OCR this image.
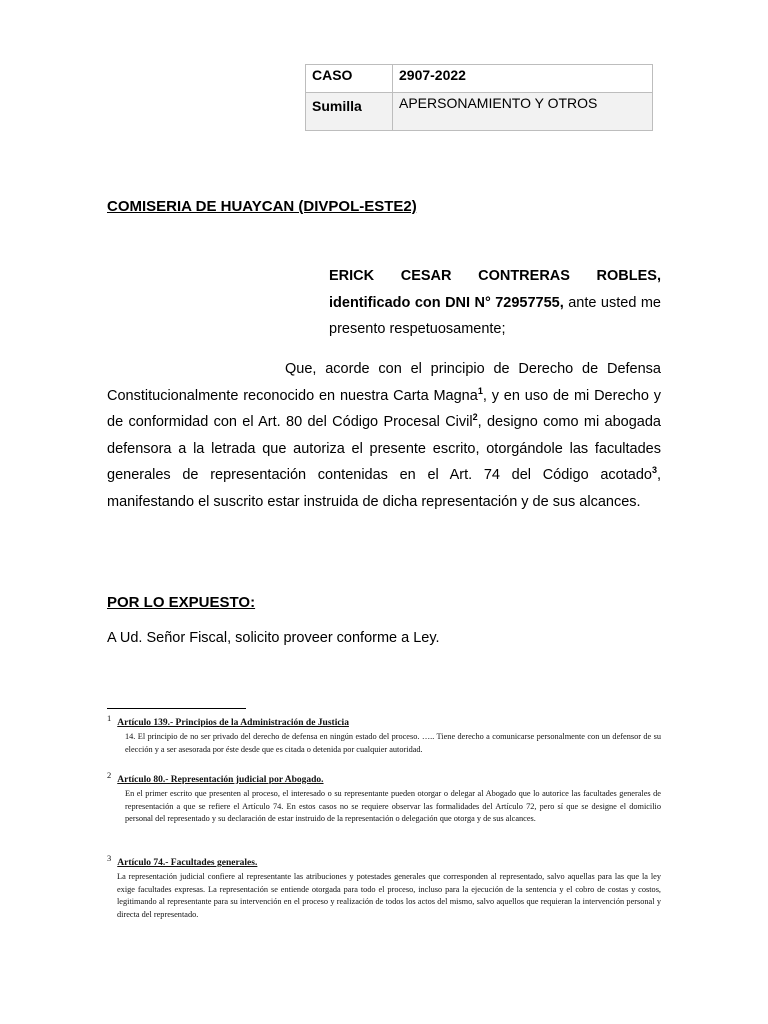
CASO	2907-2022
Sumilla	APERSONAMIENTO Y OTROS
COMISERIA DE HUAYCAN (DIVPOL-ESTE2)

ERICK CESAR CONTRERAS ROBLES, identificado con DNI N° 72957755, ante usted me presento respetuosamente;

Que, acorde con el principio de Derecho de Defensa Constitucionalmente reconocido en nuestra Carta Magna$^1$, y en uso de mi Derecho y de conformidad con el Art. 80 del Código Procesal Civil$^2$, designo como mi abogada defensora a la letrada que autoriza el presente escrito, otorgándole las facultades generales de representación contenidas en el Art. 74 del Código acotado$^3$, manifestando el suscrito estar instruida de dicha representación y de sus alcances.

POR LO EXPUESTO:

A Ud. Señor Fiscal, solicito proveer conforme a Ley.

1 Artículo 139.- Principios de la Administración de Justicia

14. El principio de no ser privado del derecho de defensa en ningún estado del proceso. ….. Tiene derecho a comunicarse personalmente con un defensor de su elección y a ser asesorada por éste desde que es citada o detenida por cualquier autoridad.

2 Artículo 80.- Representación judicial por Abogado.

En el primer escrito que presenten al proceso, el interesado o su representante pueden otorgar o delegar al Abogado que lo autorice las facultades generales de representación a que se refiere el Artículo 74. En estos casos no se requiere observar las formalidades del Artículo 72, pero sí que se designe el domicilio personal del representado y su declaración de estar instruido de la representación o delegación que otorga y de sus alcances.

3 Artículo 74.- Facultades generales.

La representación judicial confiere al representante las atribuciones y potestades generales que corresponden al representado, salvo aquellas para las que la ley exige facultades expresas. La representación se entiende otorgada para todo el proceso, incluso para la ejecución de la sentencia y el cobro de costas y costos, legitimando al representante para su intervención en el proceso y realización de todos los actos del mismo, salvo aquellos que requieran la intervención personal y directa del representado.
